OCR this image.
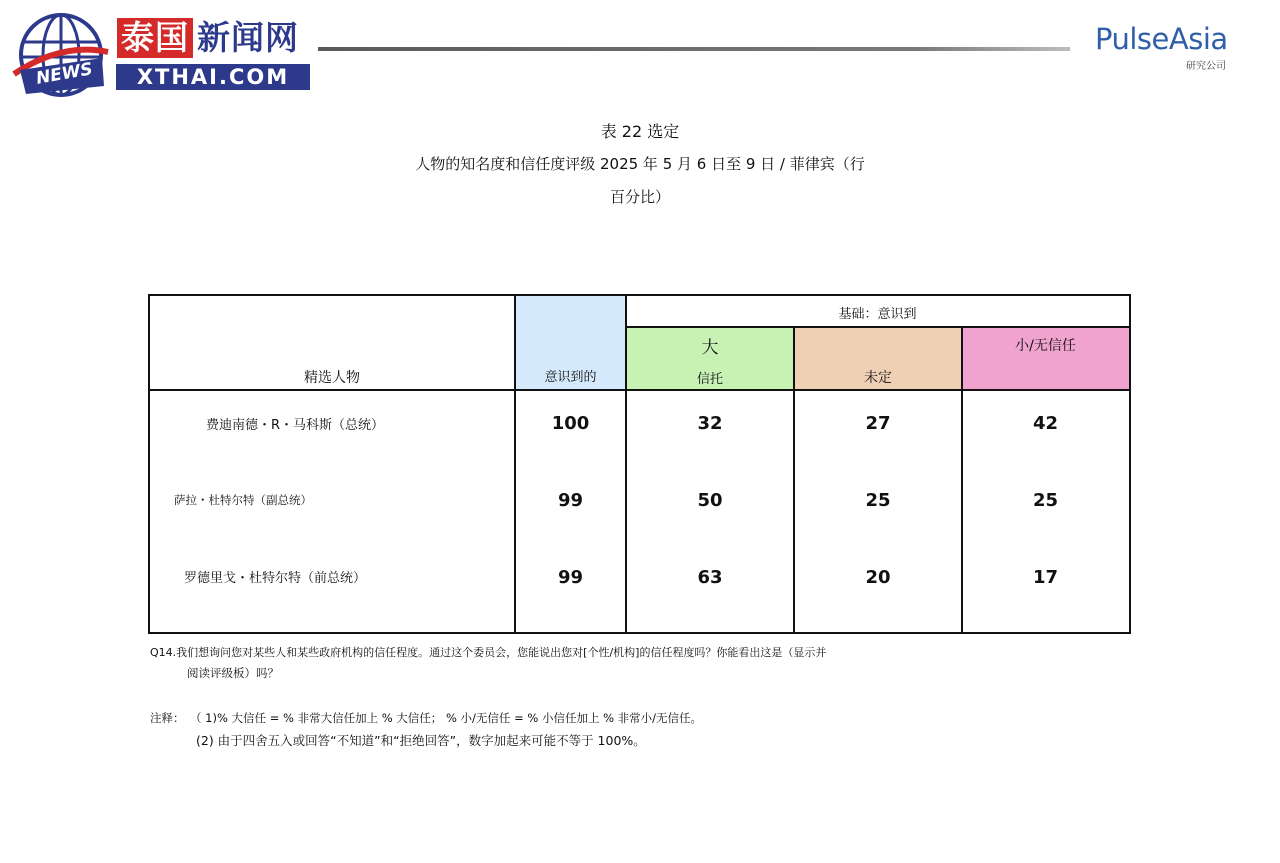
NEWS
泰国 新闻网
XTHAI.COM
PulseAsia
研究公司
表 22 选定
人物的知名度和信任度评级 2025 年 5 月 6 日至 9 日 / 菲律宾（行
百分比）
基础：意识到
精选人物	意识到的
大
信托	未定
小/无信任
费迪南德・R・马科斯（总统）	100	32	27	42
萨拉・杜特尔特（副总统）	99	50	25	25
罗德里戈・杜特尔特（前总统）	99	63	20	17
Q14.我们想询问您对某些人和某些政府机构的信任程度。通过这个委员会，您能说出您对[个性/机构]的信任程度吗？你能看出这是（显示并
阅读评级板）吗？
注释： （ 1)% 大信任 = % 非常大信任加上 % 大信任； % 小/无信任 = % 小信任加上 % 非常小/无信任。
(2) 由于四舍五入或回答“不知道”和“拒绝回答”，数字加起来可能不等于 100%。
